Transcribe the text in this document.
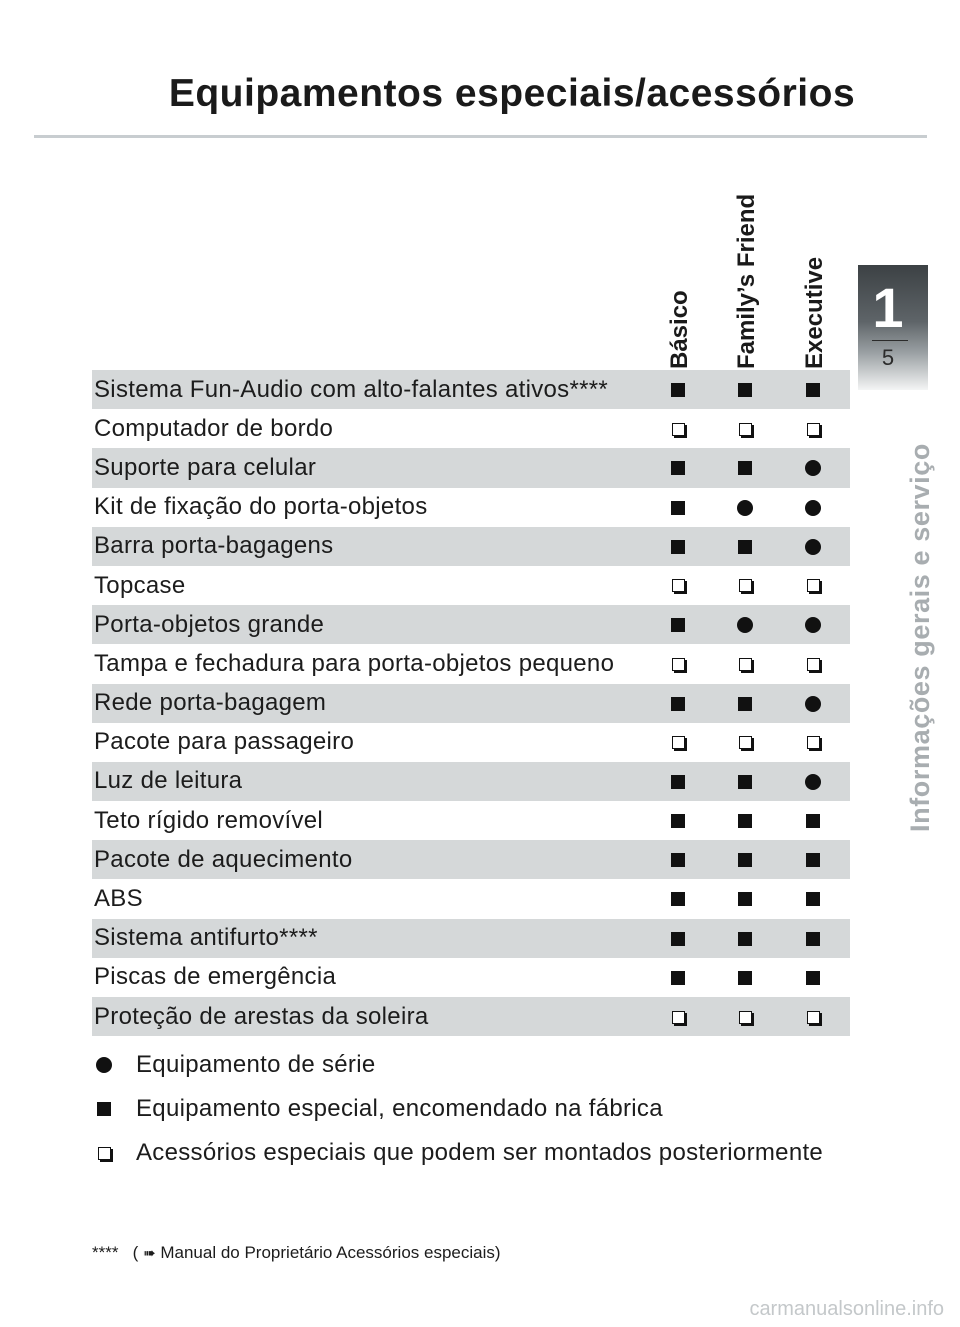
Equipamentos especiais/acessórios
Básico Family’s Friend Executive
Sistema Fun-Audio com alto-falantes ativos****
Computador de bordo
Suporte para celular
Kit de fixação do porta-objetos
Barra porta-bagagens
Topcase
Porta-objetos grande
Tampa e fechadura para porta-objetos pequeno
Rede porta-bagagem
Pacote para passageiro
Luz de leitura
Teto rígido removível
Pacote de aquecimento
ABS
Sistema antifurto****
Piscas de emergência
Proteção de arestas da soleira
Equipamento de série
Equipamento especial, encomendado na fábrica
Acessórios especiais que podem ser montados posteriormente
**** ( ➠ Manual do Proprietário Acessórios especiais)
1
5
Informações gerais e serviço
carmanualsonline.info
